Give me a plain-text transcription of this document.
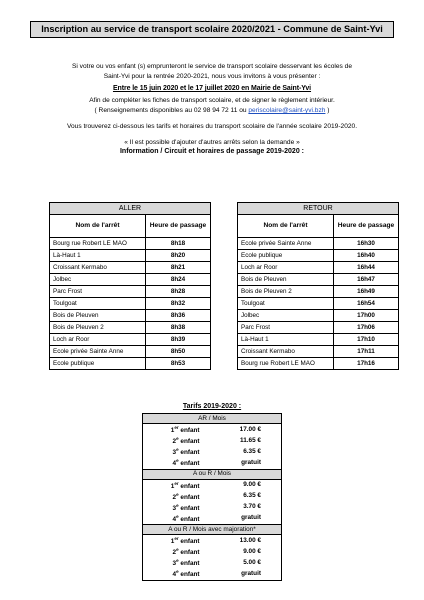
Inscription au service de transport scolaire 2020/2021 - Commune de Saint-Yvi
Si votre ou vos enfant (s) emprunteront le service de transport scolaire desservant les écoles de
Saint-Yvi pour la rentrée 2020-2021, nous vous invitons à vous présenter :
Entre le 15 juin 2020 et le 17 juillet 2020 en Mairie de Saint-Yvi
Afin de compléter les fiches de transport scolaire, et de signer le règlement intérieur.
( Renseignements disponibles au 02 98 94 72 11 ou periscolaire@saint-yvi.bzh )
Vous trouverez ci-dessous les tarifs et horaires du transport scolaire de l'année scolaire 2019-2020.
« Il est possible d'ajouter d'autres arrêts selon la demande »
Information / Circuit et horaires de passage 2019-2020 :
ALLER	
Nom de l'arrêt	Heure de passage
Bourg rue Robert LE MAO	8h18
Là-Haut 1	8h20
Croissant Kermabo	8h21
Jolbec	8h24
Parc Frost	8h28
Toulgoat	8h32
Bois de Pleuven	8h36
Bois de Pleuven 2	8h38
Loch ar Roor	8h39
Ecole privée Sainte Anne	8h50
Ecole publique	8h53
RETOUR	
Nom de l'arrêt	Heure de passage
Ecole privée Sainte Anne	16h30
Ecole publique	16h40
Loch ar Roor	16h44
Bois de Pleuven	16h47
Bois de Pleuven 2	16h49
Toulgoat	16h54
Jolbec	17h00
Parc Frost	17h06
Là-Haut 1	17h10
Croissant Kermabo	17h11
Bourg rue Robert LE MAO	17h16
Tarifs 2019-2020 :
AR / Mois	
1er enfant	17.00 €
2e enfant	11.65 €
3e enfant	6.35 €
4e enfant	gratuit
A ou R / Mois	
1er enfant	9.00 €
2e enfant	6.35 €
3e enfant	3.70 €
4e enfant	gratuit
A ou R / Mois avec majoration*	
1er enfant	13.00 €
2e enfant	9.00 €
3e enfant	5.00 €
4e enfant	gratuit
